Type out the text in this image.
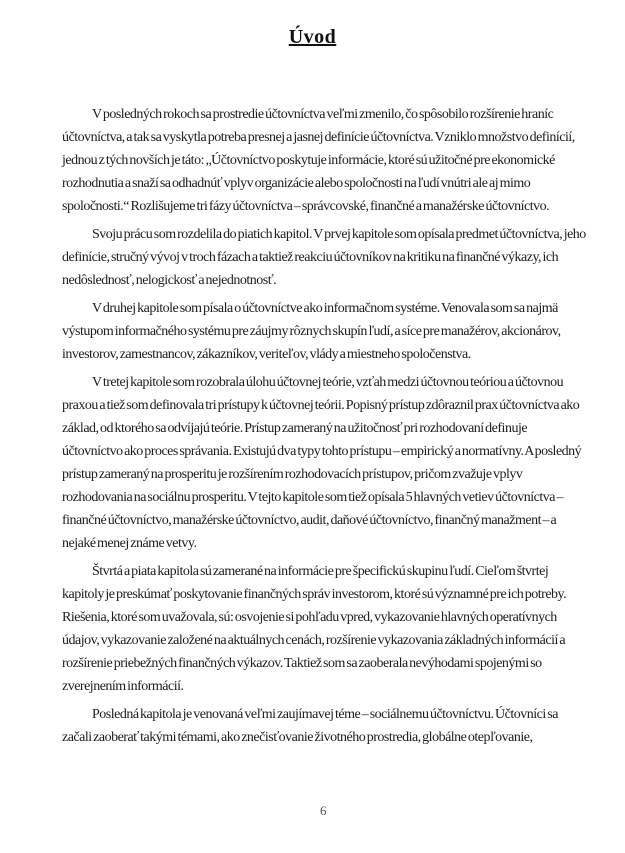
Úvod

V posledných rokoch sa prostredie účtovníctva veľmi zmenilo, čo spôsobilo rozšírenie hraníc účtovníctva, a tak sa vyskytla potreba presnej a jasnej definície účtovníctva. Vzniklo množstvo definícií, jednou z tých novších je táto: „Účtovníctvo poskytuje informácie, ktoré sú užitočné pre ekonomické rozhodnutia a snaží sa odhadnúť vplyv organizácie alebo spoločnosti na ľudí vnútri ale aj mimo spoločnosti.“ Rozlišujeme tri fázy účtovníctva – správcovské, finančné a manažérske účtovníctvo.

Svoju prácu som rozdelila do piatich kapitol. V prvej kapitole som opísala predmet účtovníctva, jeho definície, stručný vývoj v troch fázach a taktiež reakciu účtovníkov na kritiku na finančné výkazy, ich nedôslednosť, nelogickosť a nejednotnosť.

V druhej kapitole som písala o účtovníctve ako informačnom systéme. Venovala som sa najmä výstupom informačného systému pre záujmy rôznych skupín ľudí, a síce pre manažérov, akcionárov, investorov, zamestnancov, zákazníkov, veriteľov, vlády a miestneho spoločenstva.

V tretej kapitole som rozobrala úlohu účtovnej teórie, vzťah medzi účtovnou teóriou a účtovnou praxou a tiež som definovala tri prístupy k účtovnej teórii. Popisný prístup zdôraznil prax účtovníctva ako základ, od ktorého sa odvíjajú teórie. Prístup zameraný na užitočnosť pri rozhodovaní definuje účtovníctvo ako proces správania. Existujú dva typy tohto prístupu – empirický a normatívny. A posledný prístup zameraný na prosperitu je rozšírením rozhodovacích prístupov, pričom zvažuje vplyv rozhodovania na sociálnu prosperitu. V tejto kapitole som tiež opísala 5 hlavných vetiev účtovníctva – finančné účtovníctvo, manažérske účtovníctvo, audit, daňové účtovníctvo, finančný manažment – a nejaké menej známe vetvy.

Štvrtá a piata kapitola sú zamerané na informácie pre špecifickú skupinu ľudí. Cieľom štvrtej kapitoly je preskúmať poskytovanie finančných správ investorom, ktoré sú významné pre ich potreby. Riešenia, ktoré som uvažovala, sú: osvojenie si pohľadu vpred, vykazovanie hlavných operatívnych údajov, vykazovanie založené na aktuálnych cenách, rozšírenie vykazovania základných informácií a rozšírenie priebežných finančných výkazov. Taktiež som sa zaoberala nevýhodami spojenými so zverejnením informácií.

Posledná kapitola je venovaná veľmi zaujímavej téme – sociálnemu účtovníctvu. Účtovníci sa začali zaoberať takými témami, ako znečisťovanie životného prostredia, globálne otepľovanie,

6
